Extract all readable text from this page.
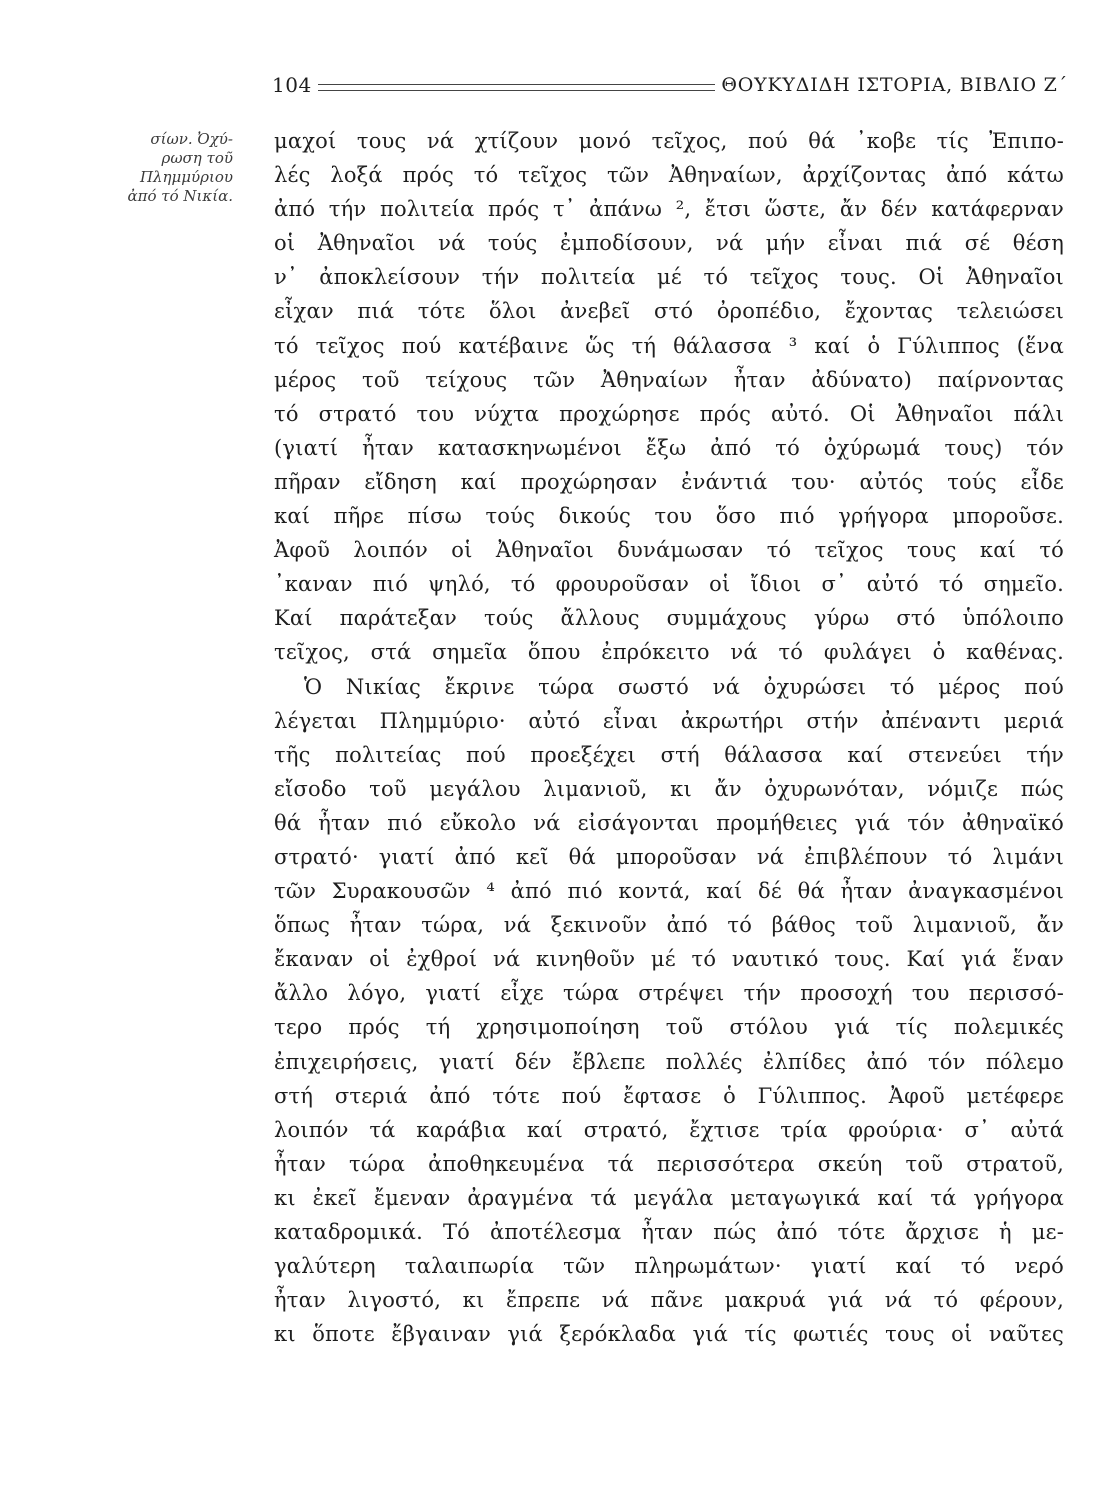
104	ΘΟΥΚΥΔΙΔΗ ΙΣΤΟΡΙΑ, ΒΙΒΛΙΟ Ζ΄
σίων. Ὀχύ-
ρωση τοῦ
Πλημμύριου
ἀπό τό Νικία.
μαχοί τους νά χτίζουν μονό τεῖχος, πού θά ᾿κοβε τίς Ἐπιπο-
λές λοξά πρός τό τεῖχος τῶν Ἀθηναίων, ἀρχίζοντας ἀπό κάτω
ἀπό τήν πολιτεία πρός τ᾿ ἀπάνω ², ἔτσι ὥστε, ἄν δέν κατάφερναν
οἱ Ἀθηναῖοι νά τούς ἐμποδίσουν, νά μήν εἶναι πιά σέ θέση
ν᾿ ἀποκλείσουν τήν πολιτεία μέ τό τεῖχος τους. Οἱ Ἀθηναῖοι
εἶχαν πιά τότε ὅλοι ἀνεβεῖ στό ὀροπέδιο, ἔχοντας τελειώσει
τό τεῖχος πού κατέβαινε ὥς τή θάλασσα ³ καί ὁ Γύλιππος (ἕνα
μέρος τοῦ τείχους τῶν Ἀθηναίων ἦταν ἀδύνατο) παίρνοντας
τό στρατό του νύχτα προχώρησε πρός αὐτό. Οἱ Ἀθηναῖοι πάλι
(γιατί ἦταν κατασκηνωμένοι ἔξω ἀπό τό ὀχύρωμά τους) τόν
πῆραν εἴδηση καί προχώρησαν ἐνάντιά του· αὐτός τούς εἶδε
καί πῆρε πίσω τούς δικούς του ὅσο πιό γρήγορα μποροῦσε.
Ἀφοῦ λοιπόν οἱ Ἀθηναῖοι δυνάμωσαν τό τεῖχος τους καί τό
᾿καναν πιό ψηλό, τό φρουροῦσαν οἱ ἴδιοι σ᾿ αὐτό τό σημεῖο.
Καί παράτεξαν τούς ἄλλους συμμάχους γύρω στό ὑπόλοιπο
τεῖχος, στά σημεῖα ὅπου ἐπρόκειτο νά τό φυλάγει ὁ καθένας.
Ὁ Νικίας ἔκρινε τώρα σωστό νά ὀχυρώσει τό μέρος πού
λέγεται Πλημμύριο· αὐτό εἶναι ἀκρωτήρι στήν ἀπέναντι μεριά
τῆς πολιτείας πού προεξέχει στή θάλασσα καί στενεύει τήν
εἴσοδο τοῦ μεγάλου λιμανιοῦ, κι ἄν ὀχυρωνόταν, νόμιζε πώς
θά ἦταν πιό εὔκολο νά εἰσάγονται προμήθειες γιά τόν ἀθηναϊκό
στρατό· γιατί ἀπό κεῖ θά μποροῦσαν νά ἐπιβλέπουν τό λιμάνι
τῶν Συρακουσῶν ⁴ ἀπό πιό κοντά, καί δέ θά ἦταν ἀναγκασμένοι
ὅπως ἦταν τώρα, νά ξεκινοῦν ἀπό τό βάθος τοῦ λιμανιοῦ, ἄν
ἔκαναν οἱ ἐχθροί νά κινηθοῦν μέ τό ναυτικό τους. Καί γιά ἕναν
ἄλλο λόγο, γιατί εἶχε τώρα στρέψει τήν προσοχή του περισσό-
τερο πρός τή χρησιμοποίηση τοῦ στόλου γιά τίς πολεμικές
ἐπιχειρήσεις, γιατί δέν ἔβλεπε πολλές ἐλπίδες ἀπό τόν πόλεμο
στή στεριά ἀπό τότε πού ἔφτασε ὁ Γύλιππος. Ἀφοῦ μετέφερε
λοιπόν τά καράβια καί στρατό, ἔχτισε τρία φρούρια· σ᾿ αὐτά
ἦταν τώρα ἀποθηκευμένα τά περισσότερα σκεύη τοῦ στρατοῦ,
κι ἐκεῖ ἔμεναν ἀραγμένα τά μεγάλα μεταγωγικά καί τά γρήγορα
καταδρομικά. Τό ἀποτέλεσμα ἦταν πώς ἀπό τότε ἄρχισε ἡ με-
γαλύτερη ταλαιπωρία τῶν πληρωμάτων· γιατί καί τό νερό
ἦταν λιγοστό, κι ἔπρεπε νά πᾶνε μακρυά γιά νά τό φέρουν,
κι ὅποτε ἔβγαιναν γιά ξερόκλαδα γιά τίς φωτιές τους οἱ ναῦτες
